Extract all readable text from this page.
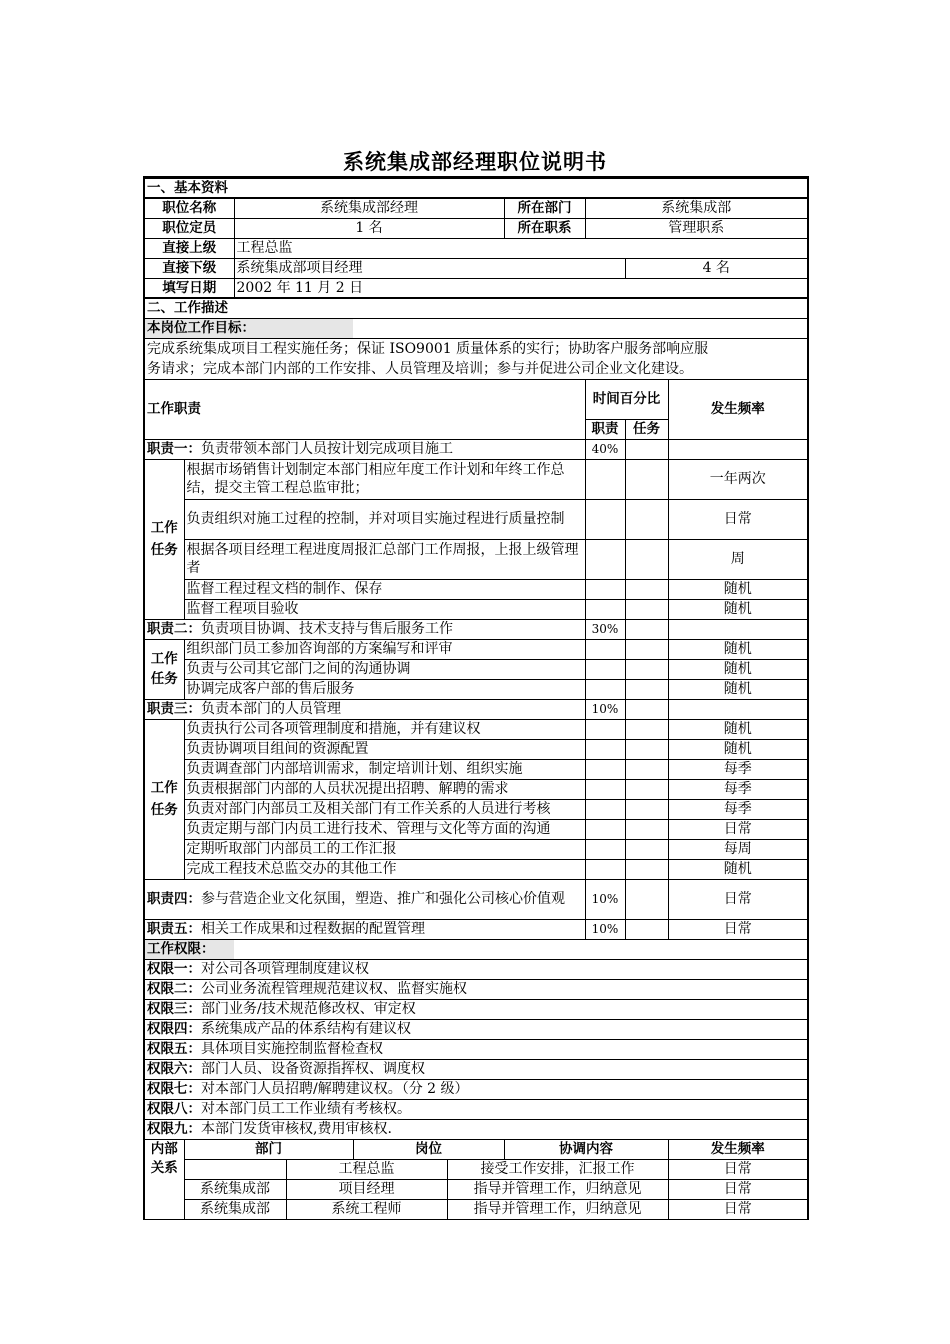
系统集成部经理职位说明书
一、基本资料									
职位名称		系统集成部经理				所在部门	系统集成部		
职位定员		1 名				所在职系	管理职系		
直接上级		工程总监							
直接下级		系统集成部项目经理						4 名	
填写日期		2002 年 11 月 2 日							
二、工作描述									
本岗位工作目标：									

完成系统集成项目工程实施任务；保证 ISO9001 质量体系的实行；协助客户服务部响应服
务请求；完成本部门内部的工作安排、人员管理及培训；参与并促进公司企业文化建设。									

工作职责							时间百分比		发生频率
							职责	任务	
职责一：负责带领本部门人员按计划完成项目施工							40%		

工作
任务	根据市场销售计划制定本部门相应年度工作计划和年终工作总结，提交主管工程总监审批；								一年两次
	负责组织对施工过程的控制，并对项目实施过程进行质量控制								日常
	根据各项目经理工程进度周报汇总部门工作周报，上报上级管理者								周
	监督工程过程文档的制作、保存								随机
	监督工程项目验收								随机
职责二：负责项目协调、技术支持与售后服务工作							30%		

工作
任务	组织部门员工参加咨询部的方案编写和评审								随机
	负责与公司其它部门之间的沟通协调								随机
	协调完成客户部的售后服务								随机
职责三：负责本部门的人员管理							10%		

工作
任务	负责执行公司各项管理制度和措施，并有建议权								随机
	负责协调项目组间的资源配置								随机
	负责调查部门内部培训需求，制定培训计划、组织实施								每季
	负责根据部门内部的人员状况提出招聘、解聘的需求								每季
	负责对部门内部员工及相关部门有工作关系的人员进行考核								每季
	负责定期与部门内员工进行技术、管理与文化等方面的沟通								日常
	定期听取部门内部员工的工作汇报								每周
	完成工程技术总监交办的其他工作								随机
职责四：参与营造企业文化氛围，塑造、推广和强化公司核心价值观							10%		日常
职责五：相关工作成果和过程数据的配置管理							10%		日常
工作权限：									
权限一：对公司各项管理制度建议权									
权限二：公司业务流程管理规范建议权、监督实施权									
权限三：部门业务/技术规范修改权、审定权									
权限四：系统集成产品的体系结构有建议权									
权限五：具体项目实施控制监督检查权									
权限六：部门人员、设备资源指挥权、调度权									
权限七：对本部门人员招聘/解聘建议权。（分 2 级）									
权限八：对本部门员工工作业绩有考核权。									
权限九：本部门发货审核权,费用审核权.									

内部
关系	部门			岗位		协调内容			发生频率
			工程总监		接受工作安排，汇报工作				日常
	系统集成部		项目经理		指导并管理工作，归纳意见				日常
	系统集成部		系统工程师		指导并管理工作，归纳意见				日常
